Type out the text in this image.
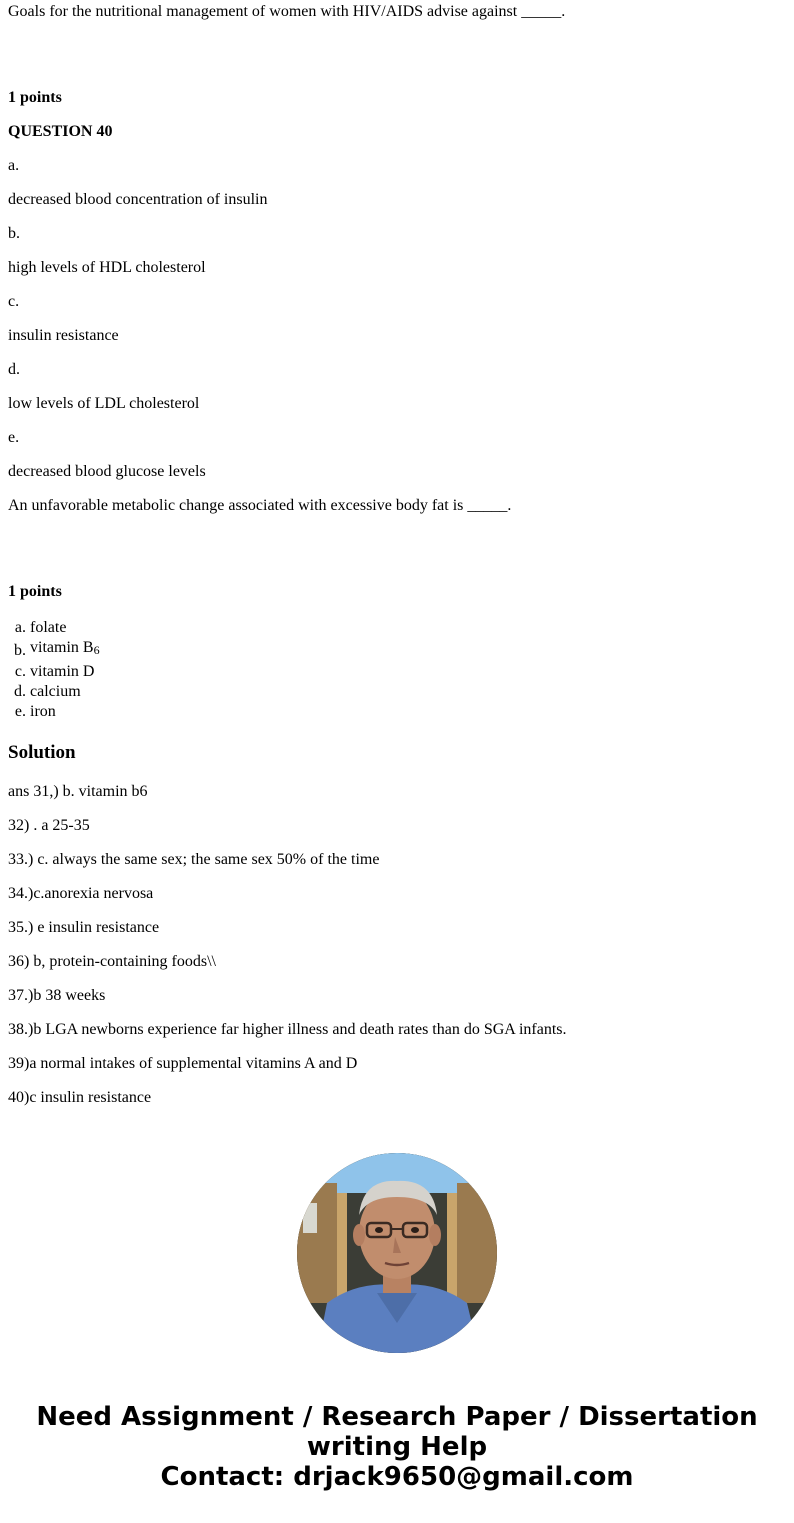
Goals for the nutritional management of women with HIV/AIDS advise against _____.

1 points

QUESTION 40

a.

decreased blood concentration of insulin

b.

high levels of HDL cholesterol

c.

insulin resistance

d.

low levels of LDL cholesterol

e.

decreased blood glucose levels

An unfavorable metabolic change associated with excessive body fat is _____.

1 points

a. folate
b. vitamin $B_6$
c. vitamin D
d. calcium
e. iron
Solution

ans 31,) b. vitamin b6

32) . a 25-35

33.) c. always the same sex; the same sex 50% of the time

34.)c.anorexia nervosa

35.) e insulin resistance

36) b, protein-containing foods\\

37.)b 38 weeks

38.)b LGA newborns experience far higher illness and death rates than do SGA infants.

39)a normal intakes of supplemental vitamins A and D

40)c insulin resistance

Need Assignment / Research Paper / Dissertation
writing Help
Contact: drjack9650@gmail.com
